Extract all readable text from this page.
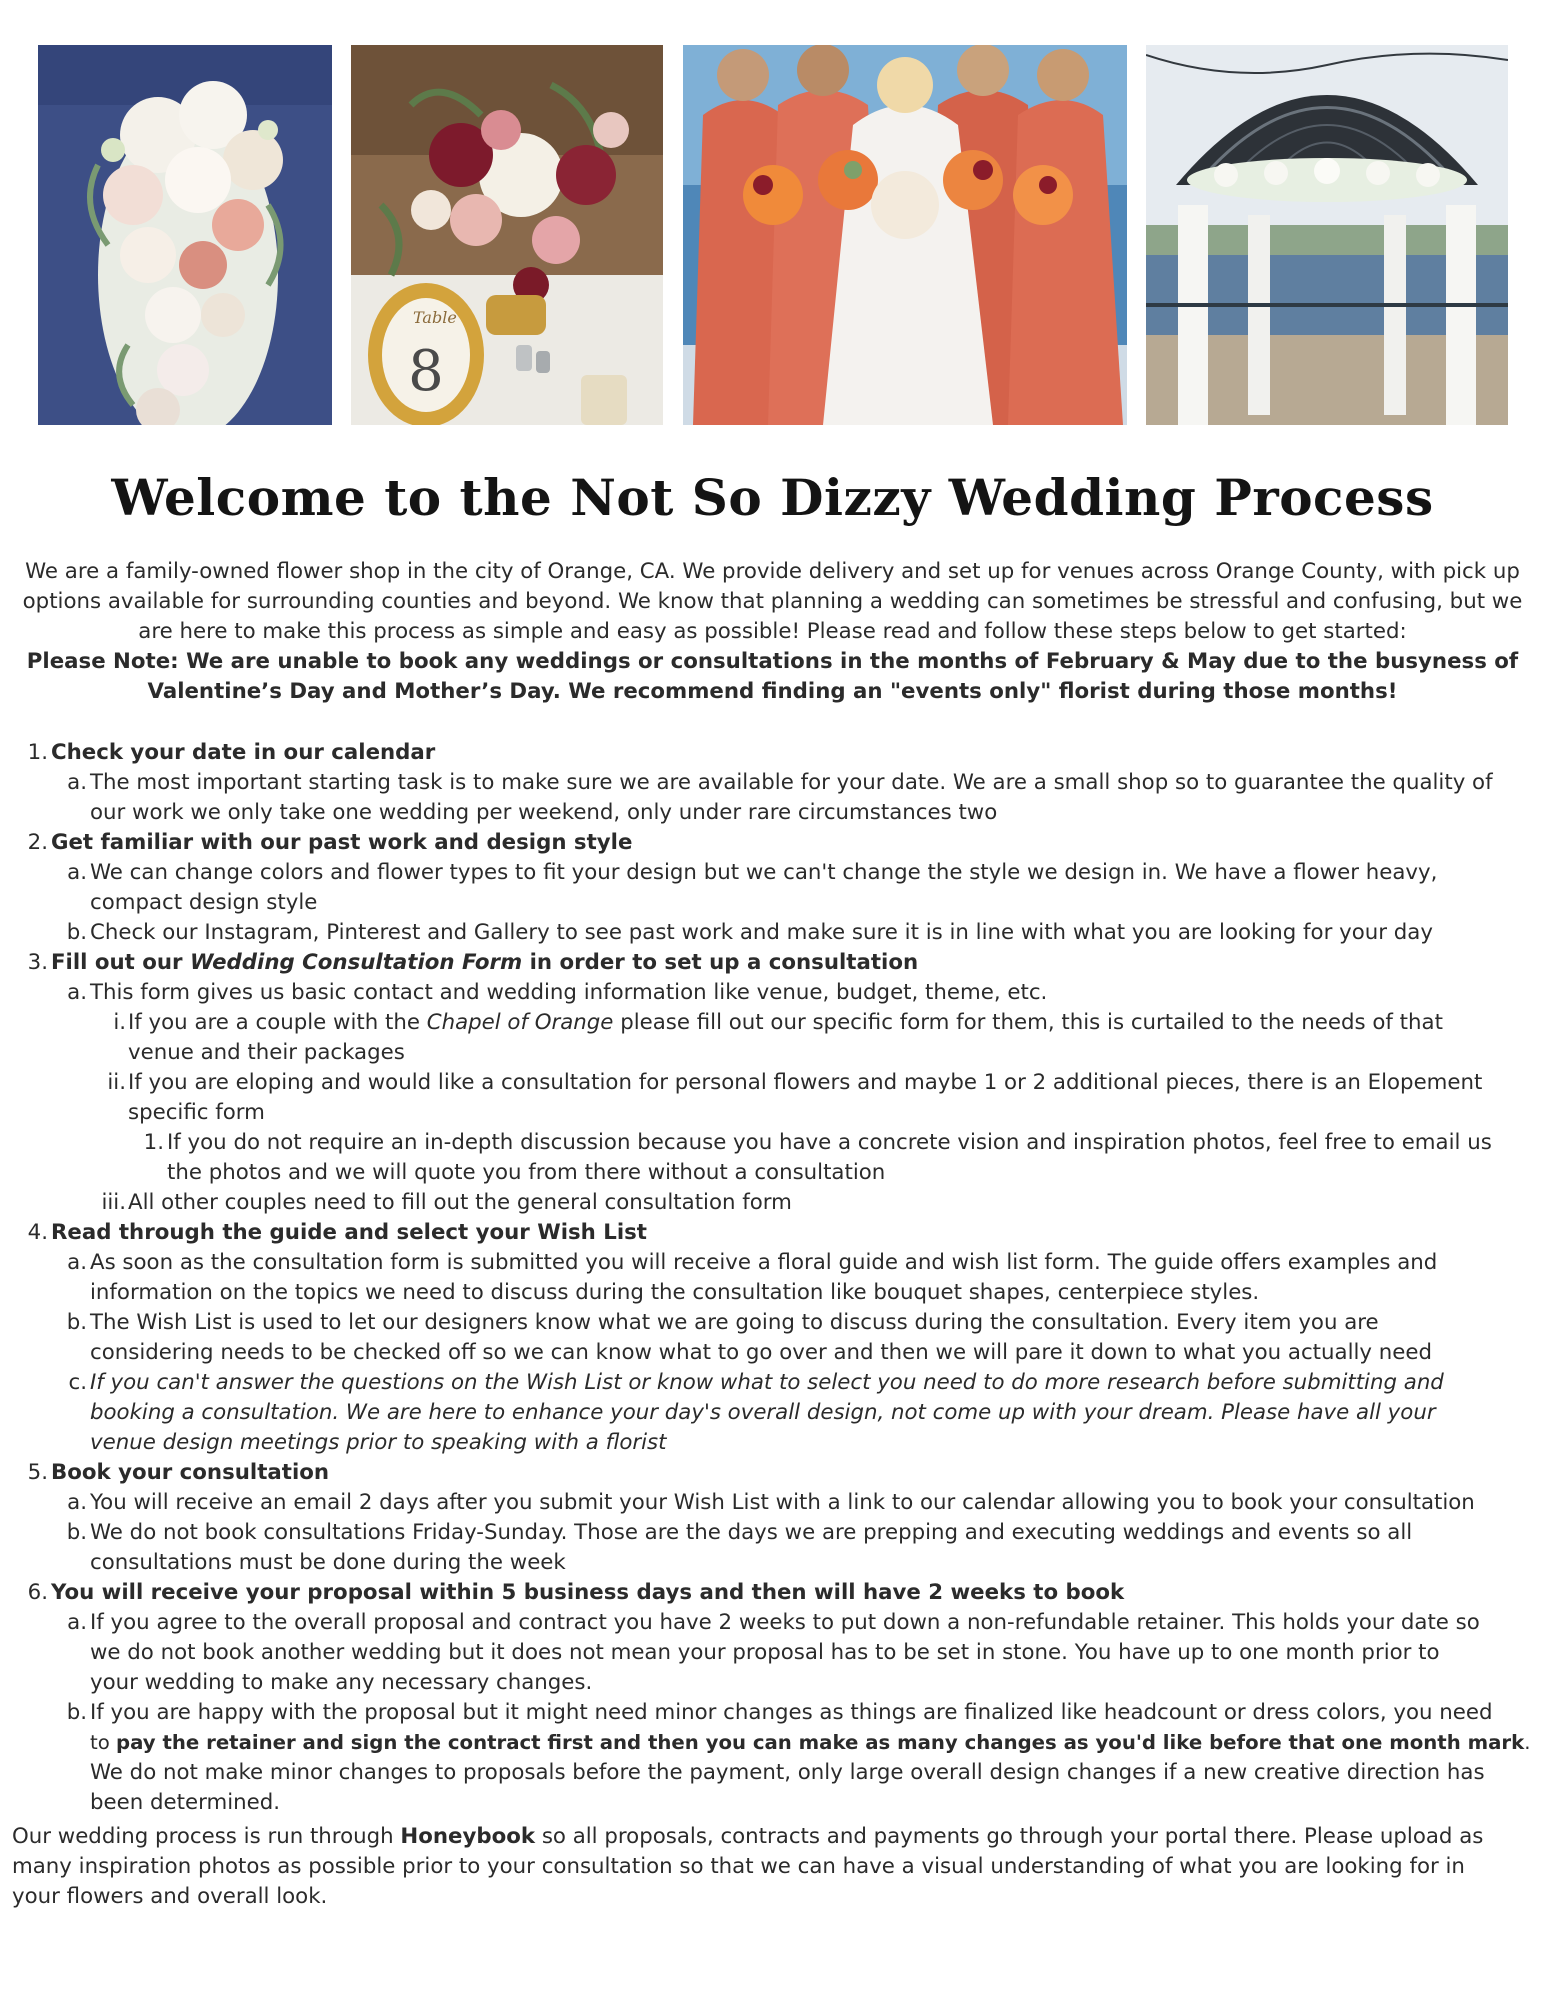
Table
8
Welcome to the Not So Dizzy Wedding Process

We are a family-owned flower shop in the city of Orange, CA. We provide delivery and set up for venues across Orange County, with pick up options available for surrounding counties and beyond. We know that planning a wedding can sometimes be stressful and confusing, but we are here to make this process as simple and easy as possible! Please read and follow these steps below to get started:

Please Note: We are unable to book any weddings or consultations in the months of February & May due to the busyness of Valentine’s Day and Mother’s Day. We recommend finding an "events only" florist during those months!

1. Check your date in our calendar
a. The most important starting task is to make sure we are available for your date. We are a small shop so to guarantee the quality of
our work we only take one wedding per weekend, only under rare circumstances two
2. Get familiar with our past work and design style
a. We can change colors and flower types to fit your design but we can't change the style we design in. We have a flower heavy,
compact design style
b. Check our Instagram, Pinterest and Gallery to see past work and make sure it is in line with what you are looking for your day
3. Fill out our Wedding Consultation Form in order to set up a consultation
a. This form gives us basic contact and wedding information like venue, budget, theme, etc.
i. If you are a couple with the Chapel of Orange please fill out our specific form for them, this is curtailed to the needs of that
venue and their packages
ii. If you are eloping and would like a consultation for personal flowers and maybe 1 or 2 additional pieces, there is an Elopement
specific form
1. If you do not require an in-depth discussion because you have a concrete vision and inspiration photos, feel free to email us
the photos and we will quote you from there without a consultation
iii. All other couples need to fill out the general consultation form
4. Read through the guide and select your Wish List
a. As soon as the consultation form is submitted you will receive a floral guide and wish list form. The guide offers examples and
information on the topics we need to discuss during the consultation like bouquet shapes, centerpiece styles.
b. The Wish List is used to let our designers know what we are going to discuss during the consultation. Every item you are
considering needs to be checked off so we can know what to go over and then we will pare it down to what you actually need
c. If you can't answer the questions on the Wish List or know what to select you need to do more research before submitting and
booking a consultation. We are here to enhance your day's overall design, not come up with your dream. Please have all your
venue design meetings prior to speaking with a florist
5. Book your consultation
a. You will receive an email 2 days after you submit your Wish List with a link to our calendar allowing you to book your consultation
b. We do not book consultations Friday-Sunday. Those are the days we are prepping and executing weddings and events so all
consultations must be done during the week
6. You will receive your proposal within 5 business days and then will have 2 weeks to book
a. If you agree to the overall proposal and contract you have 2 weeks to put down a non-refundable retainer. This holds your date so
we do not book another wedding but it does not mean your proposal has to be set in stone. You have up to one month prior to
your wedding to make any necessary changes.
b. If you are happy with the proposal but it might need minor changes as things are finalized like headcount or dress colors, you need
to pay the retainer and sign the contract first and then you can make as many changes as you'd like before that one month mark.
We do not make minor changes to proposals before the payment, only large overall design changes if a new creative direction has
been determined.

Our wedding process is run through Honeybook so all proposals, contracts and payments go through your portal there. Please upload as many inspiration photos as possible prior to your consultation so that we can have a visual understanding of what you are looking for in your flowers and overall look.
